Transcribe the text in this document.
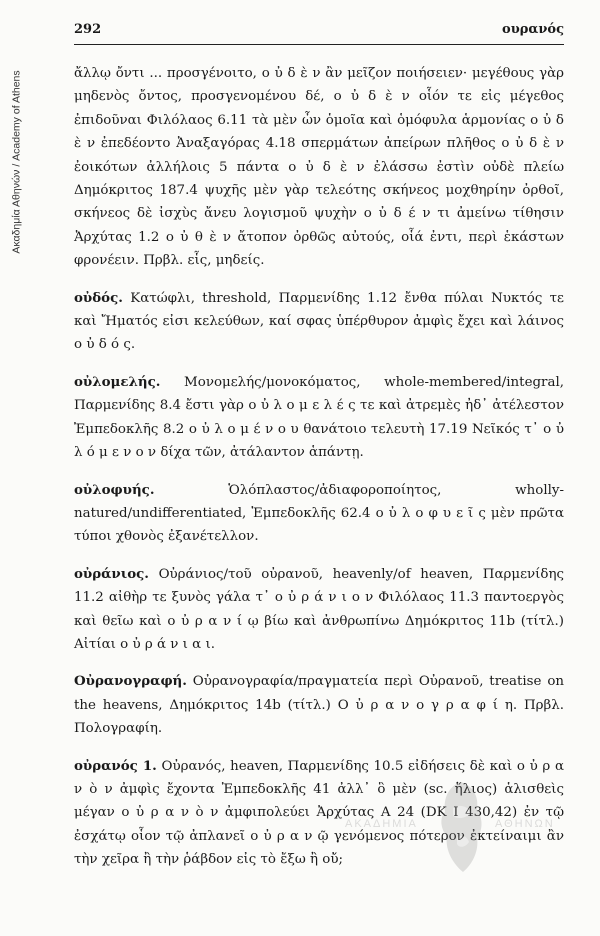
Ακαδημία Αθηνών / Academy of Athens
292	ουρανός

ἄλλῳ ὄντι ... προσγένοιτο, ο ὐ δ ὲ ν ἂν μεῖζον ποιήσειεν· μεγέθους γὰρ μηδενὸς ὄντος, προσγενομένου δέ, ο ὐ δ ὲ ν οἷόν τε εἰς μέγεθος ἐπιδοῦναι Φιλόλαος 6.11 τὰ μὲν ὦν ὁμοῖα καὶ ὁμόφυλα ἁρμονίας ο ὐ δ ὲ ν ἐπεδέοντο Ἀναξαγόρας 4.18 σπερμάτων ἀπείρων πλῆθος ο ὐ δ ὲ ν ἐοικότων ἀλλήλοις 5 πάντα ο ὐ δ ὲ ν ἐλάσσω ἐστὶν οὐδὲ πλείω Δημόκριτος 187.4 ψυχῆς μὲν γὰρ τελεότης σκήνεος μοχθηρίην ὀρθοῖ, σκήνεος δὲ ἰσχὺς ἄνευ λογισμοῦ ψυχὴν ο ὐ δ έ ν τι ἀμείνω τίθησιν Ἀρχύτας 1.2 ο ὐ θ ὲ ν ἄτοπον ὀρθῶς αὐτούς, οἷά ἐντι, περὶ ἑκάστων φρονέειν. Πρβλ. εἷς, μηδείς.

οὐδός. Κατώφλι, threshold, Παρμενίδης 1.12 ἔνθα πύλαι Νυκτός τε καὶ Ἤματός εἰσι κελεύθων, καί σφας ὑπέρθυρον ἀμφὶς ἔχει καὶ λάινος ο ὐ δ ό ς.

οὐλομελής. Μονομελής/μονοκόματος, whole-membered/integral, Παρμενίδης 8.4 ἔστι γὰρ ο ὐ λ ο μ ε λ έ ς τε καὶ ἀτρεμὲς ἠδ᾽ ἀτέλεστον Ἐμπεδοκλῆς 8.2 ο ὐ λ ο μ έ ν ο υ θανάτοιο τελευτὴ 17.19 Νεῖκός τ᾽ ο ὐ λ ό μ ε ν ο ν δίχα τῶν, ἀτάλαντον ἁπάντῃ.

οὐλοφυής. Ὁλόπλαστος/ἀδιαφοροποίητος, wholly-natured/undifferentiated, Ἐμπεδοκλῆς 62.4 ο ὐ λ ο φ υ ε ῖ ς μὲν πρῶτα τύποι χθονὸς ἐξανέτελλον.

οὐράνιος. Οὐράνιος/τοῦ οὐρανοῦ, heavenly/of heaven, Παρμενίδης 11.2 αἰθὴρ τε ξυνὸς γάλα τ᾽ ο ὐ ρ ά ν ι ο ν Φιλόλαος 11.3 παντοεργὸς καὶ θεῖω καὶ ο ὐ ρ α ν ί ῳ βίω καὶ ἀνθρωπίνω Δημόκριτος 11b (τίτλ.) Αἰτίαι ο ὐ ρ ά ν ι α ι.

Οὐρανογραφή. Οὐρανογραφία/πραγματεία περὶ Οὐρανοῦ, treatise on the heavens, Δημόκριτος 14b (τίτλ.) Ο ὐ ρ α ν ο γ ρ α φ ί η. Πρβλ. Πολογραφίη.

οὐρανός 1. Οὐρανός, heaven, Παρμενίδης 10.5 εἰδήσεις δὲ καὶ ο ὐ ρ α ν ὸ ν ἀμφὶς ἔχοντα Ἐμπεδοκλῆς 41 ἀλλ᾽ ὃ μὲν (sc. ἥλιος) ἁλισθεὶς μέγαν ο ὐ ρ α ν ὸ ν ἀμφιπολεύει Ἀρχύτας Α 24 (DK I 430,42) ἐν τῷ ἐσχάτῳ οἷον τῷ ἀπλανεῖ ο ὐ ρ α ν ῷ γενόμενος πότερον ἐκτείναιμι ἂν τὴν χεῖρα ἢ τὴν ῥάβδον εἰς τὸ ἔξω ἢ οὔ;

ΑΚΑΔΗΜΙΑ	ΑΘΗΝΩΝ
